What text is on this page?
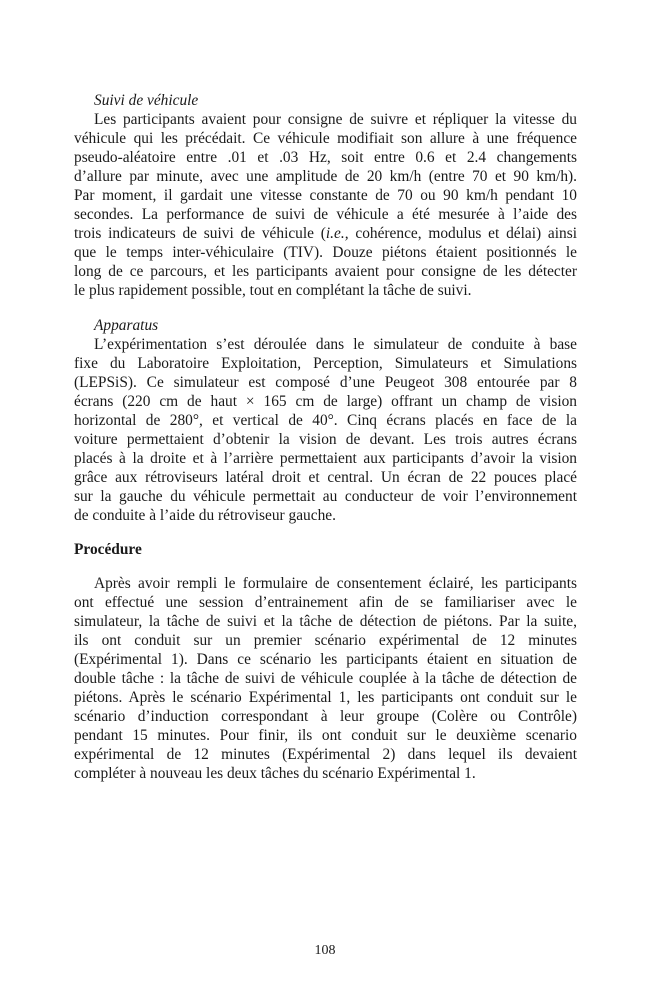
Suivi de véhicule
Les participants avaient pour consigne de suivre et répliquer la vitesse du
véhicule qui les précédait. Ce véhicule modifiait son allure à une fréquence
pseudo-aléatoire entre .01 et .03 Hz, soit entre 0.6 et 2.4 changements
d’allure par minute, avec une amplitude de 20 km/h (entre 70 et 90 km/h).
Par moment, il gardait une vitesse constante de 70 ou 90 km/h pendant 10
secondes. La performance de suivi de véhicule a été mesurée à l’aide des
trois indicateurs de suivi de véhicule (i.e., cohérence, modulus et délai) ainsi
que le temps inter-véhiculaire (TIV). Douze piétons étaient positionnés le
long de ce parcours, et les participants avaient pour consigne de les détecter
le plus rapidement possible, tout en complétant la tâche de suivi.
Apparatus
L’expérimentation s’est déroulée dans le simulateur de conduite à base
fixe du Laboratoire Exploitation, Perception, Simulateurs et Simulations
(LEPSiS). Ce simulateur est composé d’une Peugeot 308 entourée par 8
écrans (220 cm de haut × 165 cm de large) offrant un champ de vision
horizontal de 280°, et vertical de 40°. Cinq écrans placés en face de la
voiture permettaient d’obtenir la vision de devant. Les trois autres écrans
placés à la droite et à l’arrière permettaient aux participants d’avoir la vision
grâce aux rétroviseurs latéral droit et central. Un écran de 22 pouces placé
sur la gauche du véhicule permettait au conducteur de voir l’environnement
de conduite à l’aide du rétroviseur gauche.
Procédure
Après avoir rempli le formulaire de consentement éclairé, les participants
ont effectué une session d’entrainement afin de se familiariser avec le
simulateur, la tâche de suivi et la tâche de détection de piétons. Par la suite,
ils ont conduit sur un premier scénario expérimental de 12 minutes
(Expérimental 1). Dans ce scénario les participants étaient en situation de
double tâche : la tâche de suivi de véhicule couplée à la tâche de détection de
piétons. Après le scénario Expérimental 1, les participants ont conduit sur le
scénario d’induction correspondant à leur groupe (Colère ou Contrôle)
pendant 15 minutes. Pour finir, ils ont conduit sur le deuxième scenario
expérimental de 12 minutes (Expérimental 2) dans lequel ils devaient
compléter à nouveau les deux tâches du scénario Expérimental 1.
108
